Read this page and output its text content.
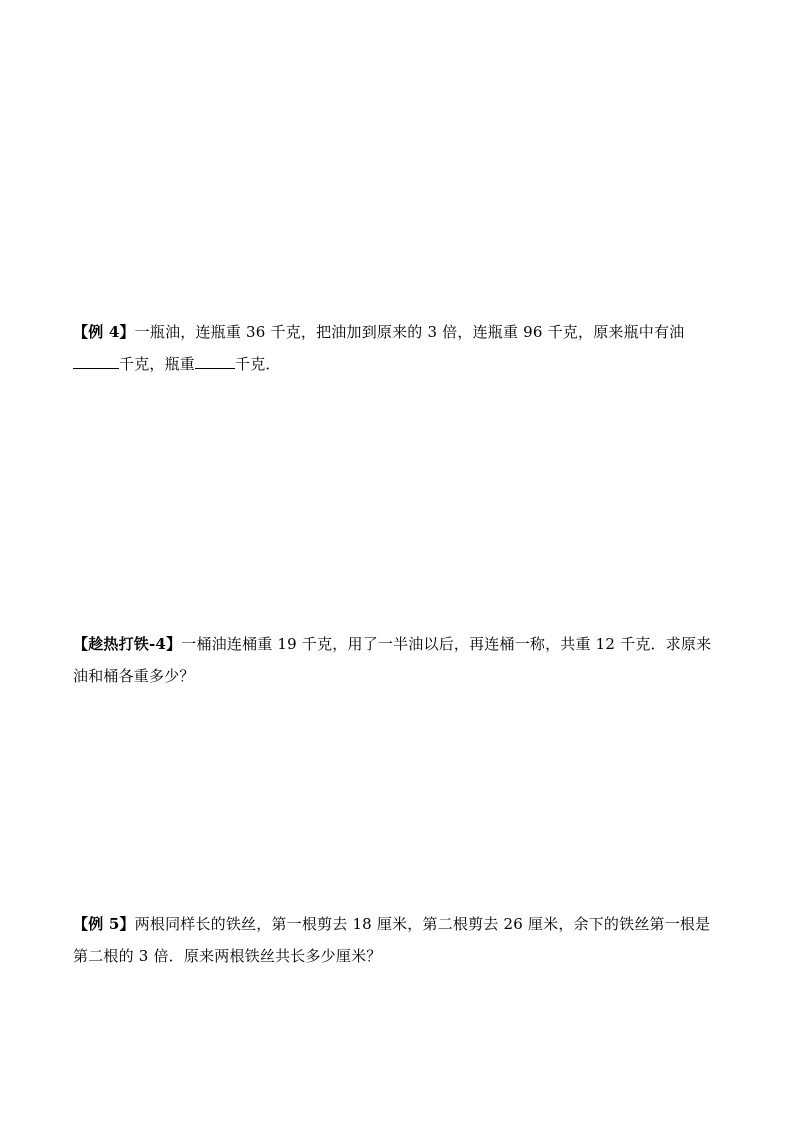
【例 4】一瓶油，连瓶重 36 千克，把油加到原来的 3 倍，连瓶重 96 千克，原来瓶中有油千克，瓶重	千克．
【趁热打铁-4】一桶油连桶重 19 千克，用了一半油以后，再连桶一称，共重 12 千克．求原来油和桶各重多少？
【例 5】两根同样长的铁丝，第一根剪去 18 厘米，第二根剪去 26 厘米，余下的铁丝第一根是第二根的 3 倍．原来两根铁丝共长多少厘米？
